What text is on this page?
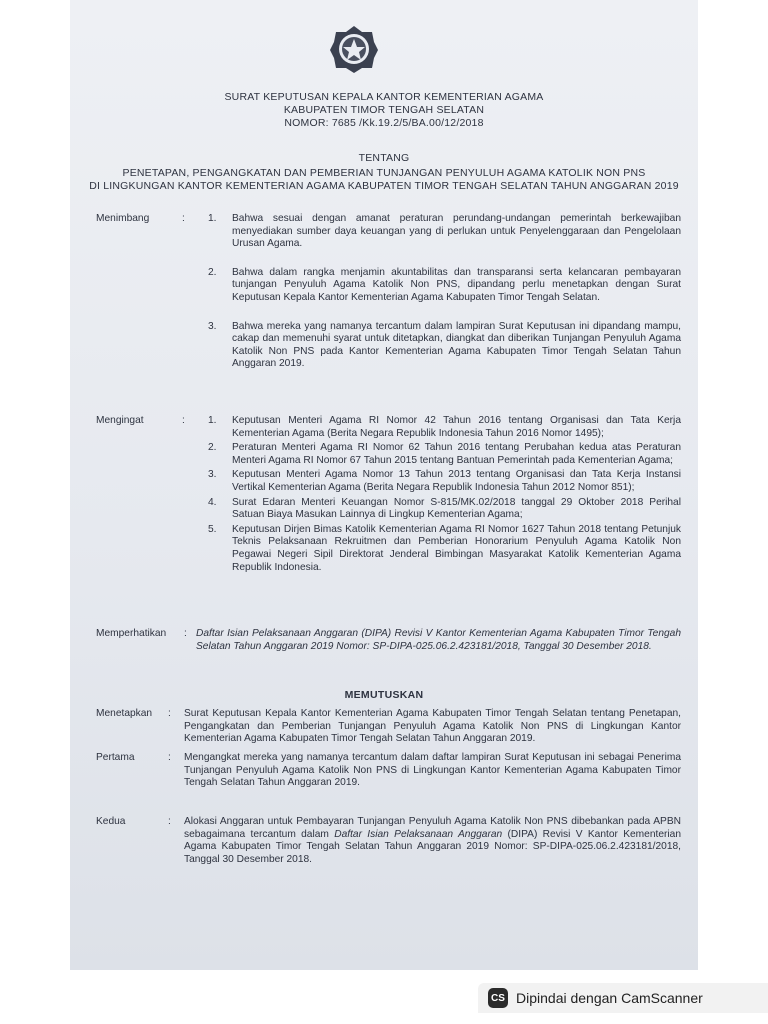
SURAT KEPUTUSAN KEPALA KANTOR KEMENTERIAN AGAMA
KABUPATEN TIMOR TENGAH SELATAN
NOMOR: 7685 /Kk.19.2/5/BA.00/12/2018
TENTANG
PENETAPAN, PENGANGKATAN DAN PEMBERIAN TUNJANGAN PENYULUH AGAMA KATOLIK NON PNS
DI LINGKUNGAN KANTOR KEMENTERIAN AGAMA KABUPATEN TIMOR TENGAH SELATAN TAHUN ANGGARAN 2019
Menimbang	: 1. Bahwa sesuai dengan amanat peraturan perundang-undangan pemerintah berkewajiban menyediakan sumber daya keuangan yang di perlukan untuk Penyelenggaraan dan Pengelolaan Urusan Agama.
2. Bahwa dalam rangka menjamin akuntabilitas dan transparansi serta kelancaran pembayaran tunjangan Penyuluh Agama Katolik Non PNS, dipandang perlu menetapkan dengan Surat Keputusan Kepala Kantor Kementerian Agama Kabupaten Timor Tengah Selatan.
3. Bahwa mereka yang namanya tercantum dalam lampiran Surat Keputusan ini dipandang mampu, cakap dan memenuhi syarat untuk ditetapkan, diangkat dan diberikan Tunjangan Penyuluh Agama Katolik Non PNS pada Kantor Kementerian Agama Kabupaten Timor Tengah Selatan Tahun Anggaran 2019.
Mengingat	: 1. Keputusan Menteri Agama RI Nomor 42 Tahun 2016 tentang Organisasi dan Tata Kerja Kementerian Agama (Berita Negara Republik Indonesia Tahun 2016 Nomor 1495);
2. Peraturan Menteri Agama RI Nomor 62 Tahun 2016 tentang Perubahan kedua atas Peraturan Menteri Agama RI Nomor 67 Tahun 2015 tentang Bantuan Pemerintah pada Kementerian Agama;
3. Keputusan Menteri Agama Nomor 13 Tahun 2013 tentang Organisasi dan Tata Kerja Instansi Vertikal Kementerian Agama (Berita Negara Republik Indonesia Tahun 2012 Nomor 851);
4. Surat Edaran Menteri Keuangan Nomor S-815/MK.02/2018 tanggal 29 Oktober 2018 Perihal Satuan Biaya Masukan Lainnya di Lingkup Kementerian Agama;
5. Keputusan Dirjen Bimas Katolik Kementerian Agama RI Nomor 1627 Tahun 2018 tentang Petunjuk Teknis Pelaksanaan Rekruitmen dan Pemberian Honorarium Penyuluh Agama Katolik Non Pegawai Negeri Sipil Direktorat Jenderal Bimbingan Masyarakat Katolik Kementerian Agama Republik Indonesia.
Memperhatikan	: Daftar Isian Pelaksanaan Anggaran (DIPA) Revisi V Kantor Kementerian Agama Kabupaten Timor Tengah Selatan Tahun Anggaran 2019 Nomor: SP-DIPA-025.06.2.423181/2018, Tanggal 30 Desember 2018.
MEMUTUSKAN
Menetapkan	: Surat Keputusan Kepala Kantor Kementerian Agama Kabupaten Timor Tengah Selatan tentang Penetapan, Pengangkatan dan Pemberian Tunjangan Penyuluh Agama Katolik Non PNS di Lingkungan Kantor Kementerian Agama Kabupaten Timor Tengah Selatan Tahun Anggaran 2019.
Pertama	: Mengangkat mereka yang namanya tercantum dalam daftar lampiran Surat Keputusan ini sebagai Penerima Tunjangan Penyuluh Agama Katolik Non PNS di Lingkungan Kantor Kementerian Agama Kabupaten Timor Tengah Selatan Tahun Anggaran 2019.
Kedua	: Alokasi Anggaran untuk Pembayaran Tunjangan Penyuluh Agama Katolik Non PNS dibebankan pada APBN sebagaimana tercantum dalam Daftar Isian Pelaksanaan Anggaran (DIPA) Revisi V Kantor Kementerian Agama Kabupaten Timor Tengah Selatan Tahun Anggaran 2019 Nomor: SP-DIPA-025.06.2.423181/2018, Tanggal 30 Desember 2018.
CS Dipindai dengan CamScanner
